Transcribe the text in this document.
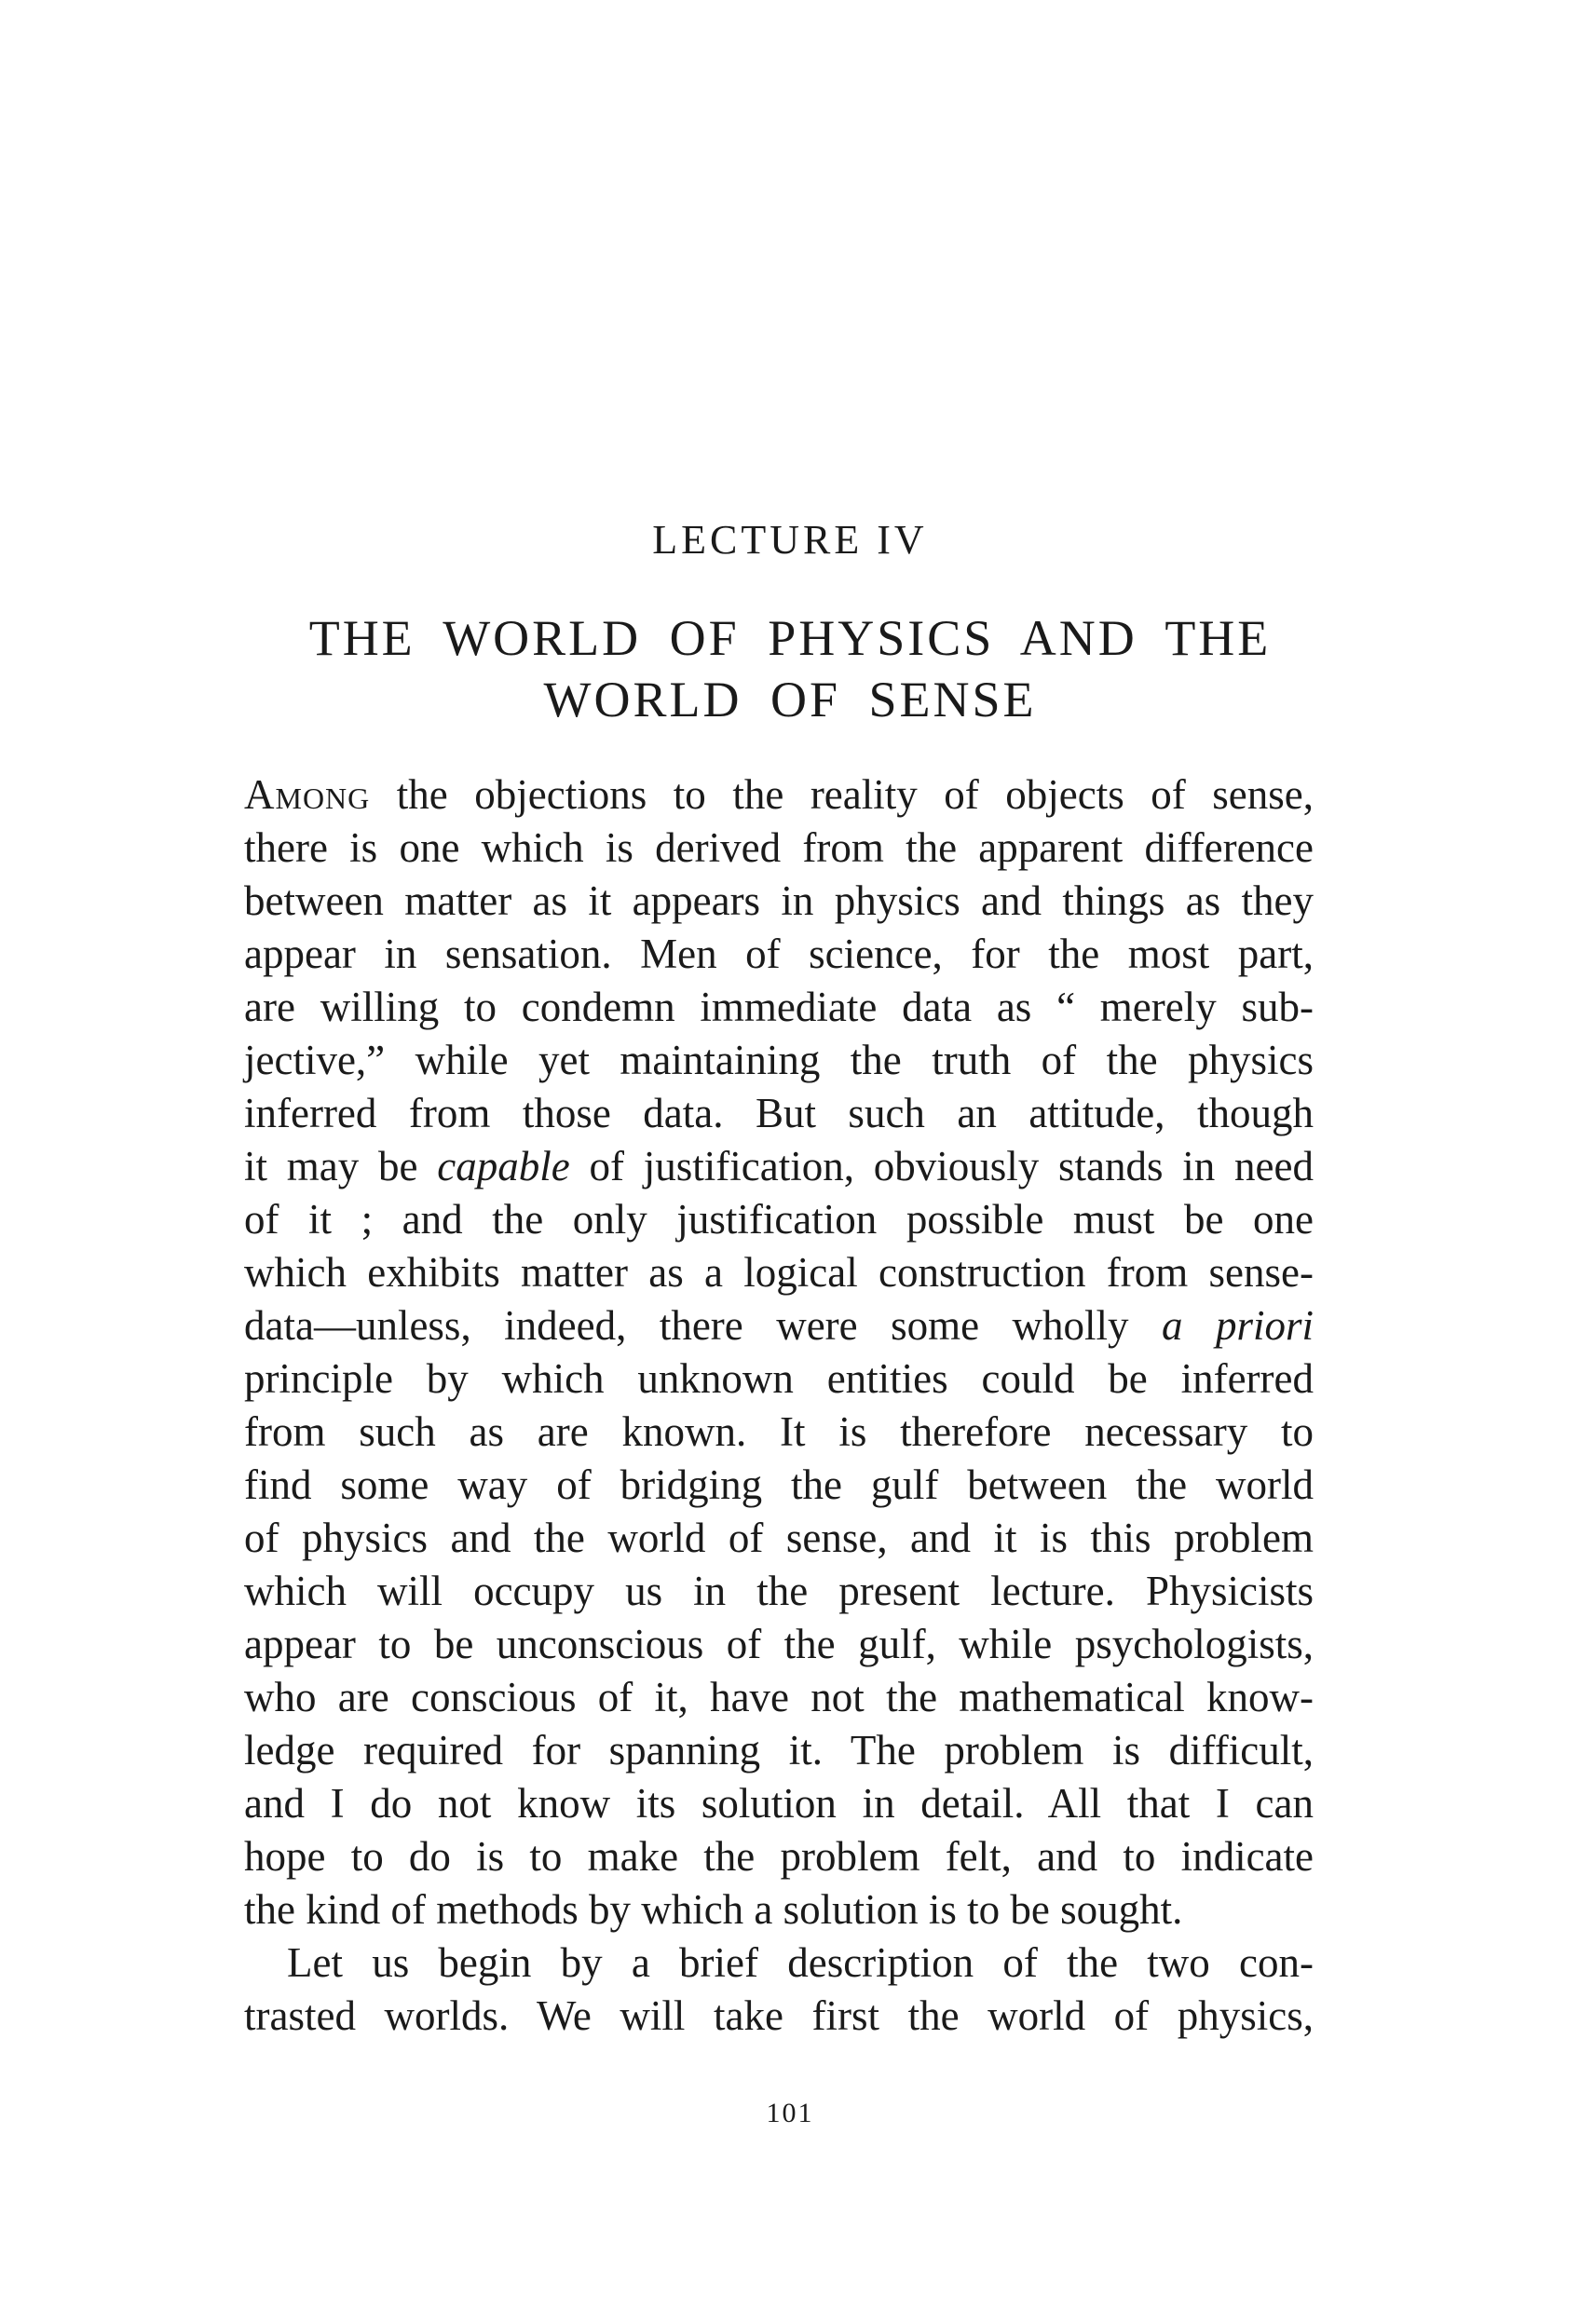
LECTURE IV
THE WORLD OF PHYSICS AND THE
WORLD OF SENSE
Among the objections to the reality of objects of sense,
there is one which is derived from the apparent difference
between matter as it appears in physics and things as they
appear in sensation. Men of science, for the most part,
are willing to condemn immediate data as “ merely sub-
jective,” while yet maintaining the truth of the physics
inferred from those data. But such an attitude, though
it may be capable of justification, obviously stands in need
of it ; and the only justification possible must be one
which exhibits matter as a logical construction from sense-
data—unless, indeed, there were some wholly a priori
principle by which unknown entities could be inferred
from such as are known. It is therefore necessary to
find some way of bridging the gulf between the world
of physics and the world of sense, and it is this problem
which will occupy us in the present lecture. Physicists
appear to be unconscious of the gulf, while psychologists,
who are conscious of it, have not the mathematical know-
ledge required for spanning it. The problem is difficult,
and I do not know its solution in detail. All that I can
hope to do is to make the problem felt, and to indicate
the kind of methods by which a solution is to be sought.
Let us begin by a brief description of the two con-
trasted worlds. We will take first the world of physics,
101
